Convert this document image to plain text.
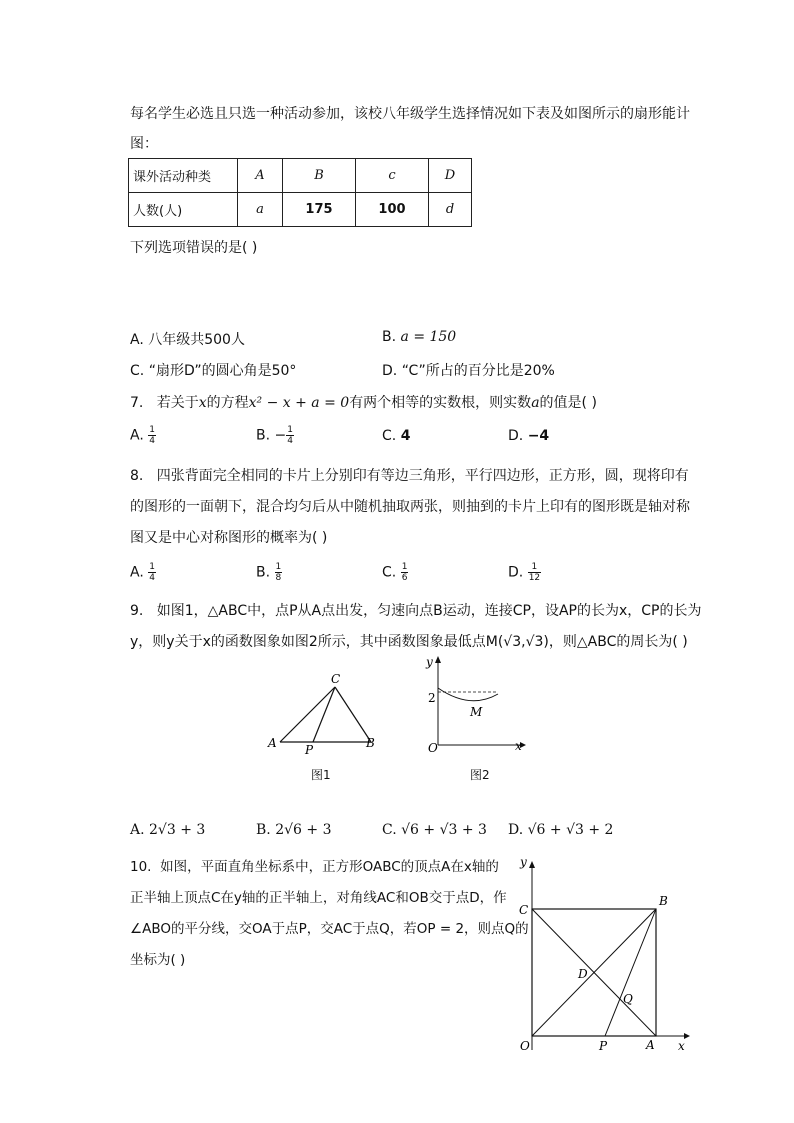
每名学生必选且只选一种活动参加，该校八年级学生选择情况如下表及如图所示的扇形能计
图：
课外活动种类	A	B	c	D
人数(人)	a	175	100	d
下列选项错误的是( )
A. 八年级共500人	B. a = 150
C. “扇形D”的圆心角是50°	D. “C”所占的百分比是20%
7. 若关于x的方程x² − x + a = 0有两个相等的实数根，则实数a的值是( )
A. $\frac{1}{4}$	B. − $\frac{1}{4}$	C. 4	D. −4
8. 四张背面完全相同的卡片上分别印有等边三角形，平行四边形，正方形，圆，现将印有
的图形的一面朝下，混合均匀后从中随机抽取两张，则抽到的卡片上印有的图形既是轴对称
图又是中心对称图形的概率为( )
A. $\frac{1}{4}$	B. $\frac{1}{8}$	C. $\frac{1}{6}$	D. $\frac{1}{12}$
9. 如图1，△ABC中，点P从A点出发，匀速向点B运动，连接CP，设AP的长为x，CP的长为
y，则y关于x的函数图象如图2所示，其中函数图象最低点M(√3,√3)，则△ABC的周长为( )
C
A	B
P
图1
y
x
O
2
M
图2
A. 2√3 + 3	B. 2√6 + 3	C. √6 + √3 + 3 D. √6 + √3 + 2
10. 如图，平面直角坐标系中，正方形OABC的顶点A在x轴的
正半轴上顶点C在y轴的正半轴上，对角线AC和OB交于点D，作
∠ABO的平分线，交OA于点P，交AC于点Q，若OP = 2，则点Q的
坐标为( )
y
x
O	A
B
C
D
P
Q
